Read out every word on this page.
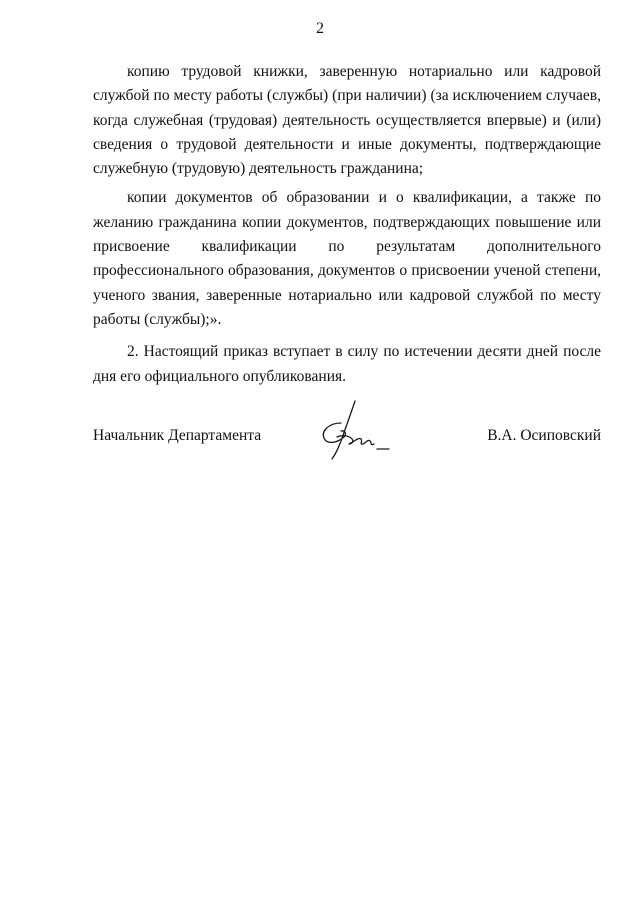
2

копию трудовой книжки, заверенную нотариально или кадровой службой по месту работы (службы) (при наличии) (за исключением случаев, когда служебная (трудовая) деятельность осуществляется впервые) и (или) сведения о трудовой деятельности и иные документы, подтверждающие служебную (трудовую) деятельность гражданина;

копии документов об образовании и о квалификации, а также по желанию гражданина копии документов, подтверждающих повышение или присвоение квалификации по результатам дополнительного профессионального образования, документов о присвоении ученой степени, ученого звания, заверенные нотариально или кадровой службой по месту работы (службы);».

2. Настоящий приказ вступает в силу по истечении десяти дней после дня его официального опубликования.

Начальник Департамента	В.А. Осиповский
